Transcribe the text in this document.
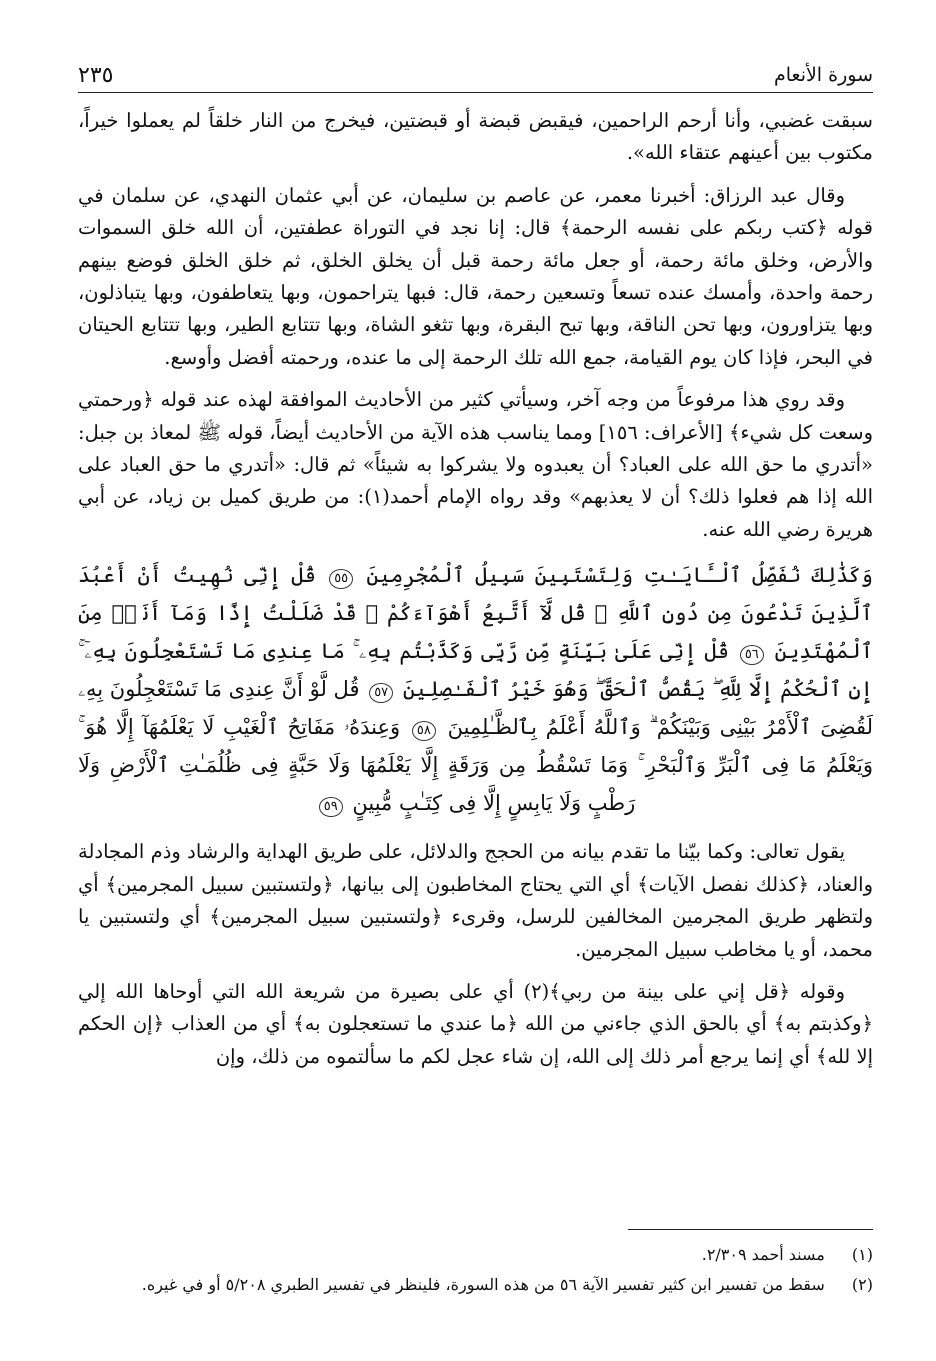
سورة الأنعام
٢٣٥

سبقت غضبي، وأنا أرحم الراحمين، فيقبض قبضة أو قبضتين، فيخرج من النار خلقاً لم يعملوا خيراً، مكتوب بين أعينهم عتقاء الله».

وقال عبد الرزاق: أخبرنا معمر، عن عاصم بن سليمان، عن أبي عثمان النهدي، عن سلمان في قوله ﴿كتب ربكم على نفسه الرحمة﴾ قال: إنا نجد في التوراة عطفتين، أن الله خلق السموات والأرض، وخلق مائة رحمة، أو جعل مائة رحمة قبل أن يخلق الخلق، ثم خلق الخلق فوضع بينهم رحمة واحدة، وأمسك عنده تسعاً وتسعين رحمة، قال: فبها يتراحمون، وبها يتعاطفون، وبها يتباذلون، وبها يتزاورون، وبها تحن الناقة، وبها تبح البقرة، وبها تثغو الشاة، وبها تتتابع الطير، وبها تتتابع الحيتان في البحر، فإذا كان يوم القيامة، جمع الله تلك الرحمة إلى ما عنده، ورحمته أفضل وأوسع.

وقد روي هذا مرفوعاً من وجه آخر، وسيأتي كثير من الأحاديث الموافقة لهذه عند قوله ﴿ورحمتي وسعت كل شيء﴾ [الأعراف: ١٥٦] ومما يناسب هذه الآية من الأحاديث أيضاً، قوله ﷺ لمعاذ بن جبل: «أتدري ما حق الله على العباد؟ أن يعبدوه ولا يشركوا به شيئاً» ثم قال: «أتدري ما حق العباد على الله إذا هم فعلوا ذلك؟ أن لا يعذبهم» وقد رواه الإمام أحمد(١): من طريق كميل بن زياد، عن أبي هريرة رضي الله عنه.

وَكَذَٰلِكَ نُفَصِّلُ ٱلْـَٔايَـٰتِ وَلِتَسْتَبِينَ سَبِيلُ ٱلْمُجْرِمِينَ ٥٥ قُلْ إِنِّى نُهِيتُ أَنْ أَعْبُدَ ٱلَّذِينَ تَدْعُونَ مِن دُونِ ٱللَّهِ ۚ قُل لَّآ أَتَّبِعُ أَهْوَآءَكُمْ ۙ قَدْ ضَلَلْتُ إِذًا وَمَآ أَنَا۠ مِنَ ٱلْمُهْتَدِينَ ٥٦ قُلْ إِنِّى عَلَىٰ بَيِّنَةٍ مِّن رَّبِّى وَكَذَّبْتُم بِهِۦ ۚ مَا عِندِى مَا تَسْتَعْجِلُونَ بِهِۦٓ ۚ إِنِ ٱلْحُكْمُ إِلَّا لِلَّهِ ۖ يَقُصُّ ٱلْحَقَّ ۖ وَهُوَ خَيْرُ ٱلْفَـٰصِلِينَ ٥٧ قُل لَّوْ أَنَّ عِندِى مَا تَسْتَعْجِلُونَ بِهِۦ لَقُضِىَ ٱلْأَمْرُ بَيْنِى وَبَيْنَكُمْ ۗ وَٱللَّهُ أَعْلَمُ بِٱلظَّـٰلِمِينَ ٥٨ وَعِندَهُۥ مَفَاتِحُ ٱلْغَيْبِ لَا يَعْلَمُهَآ إِلَّا هُوَ ۚ وَيَعْلَمُ مَا فِى ٱلْبَرِّ وَٱلْبَحْرِ ۚ وَمَا تَسْقُطُ مِن وَرَقَةٍ إِلَّا يَعْلَمُهَا وَلَا حَبَّةٍ فِى ظُلُمَـٰتِ ٱلْأَرْضِ وَلَا رَطْبٍ وَلَا يَابِسٍ إِلَّا فِى كِتَـٰبٍ مُّبِينٍ ٥٩

يقول تعالى: وكما بيّنا ما تقدم بيانه من الحجج والدلائل، على طريق الهداية والرشاد وذم المجادلة والعناد، ﴿كذلك نفصل الآيات﴾ أي التي يحتاج المخاطبون إلى بيانها، ﴿ولتستبين سبيل المجرمين﴾ أي ولتظهر طريق المجرمين المخالفين للرسل، وقرىء ﴿ولتستبين سبيل المجرمين﴾ أي ولتستبين يا محمد، أو يا مخاطب سبيل المجرمين.

وقوله ﴿قل إني على بينة من ربي﴾(٢) أي على بصيرة من شريعة الله التي أوحاها الله إلي ﴿وكذبتم به﴾ أي بالحق الذي جاءني من الله ﴿ما عندي ما تستعجلون به﴾ أي من العذاب ﴿إن الحكم إلا لله﴾ أي إنما يرجع أمر ذلك إلى الله، إن شاء عجل لكم ما سألتموه من ذلك، وإن

(١) مسند أحمد ٢/٣٠٩.
(٢) سقط من تفسير ابن كثير تفسير الآية ٥٦ من هذه السورة، فلينظر في تفسير الطبري ٥/٢٠٨ أو في غيره.
